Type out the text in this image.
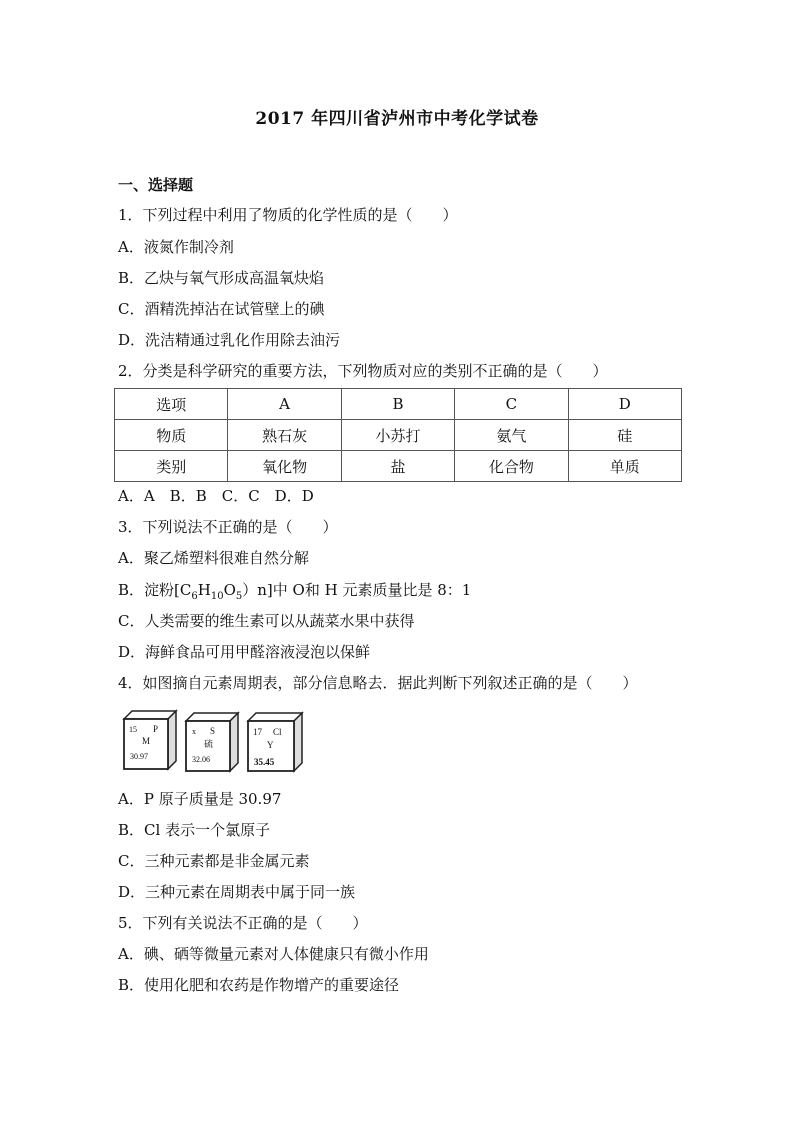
2017 年四川省泸州市中考化学试卷
一、选择题
1．下列过程中利用了物质的化学性质的是（　　）
A．液氮作制冷剂
B．乙炔与氧气形成高温氧炔焰
C．酒精洗掉沾在试管壁上的碘
D．洗洁精通过乳化作用除去油污
2．分类是科学研究的重要方法，下列物质对应的类别不正确的是（　　）
选项	A	B	C	D
物质	熟石灰	小苏打	氨气	硅
类别	氧化物	盐	化合物	单质
A．A　B．B　C．C　D．D
3．下列说法不正确的是（　　）
A．聚乙烯塑料很难自然分解
B．淀粉$[C_6H_{10}O_5)n$]中 O和 H 元素质量比是 8：1
C．人类需要的维生素可以从蔬菜水果中获得
D．海鲜食品可用甲醛溶液浸泡以保鲜
4．如图摘自元素周期表，部分信息略去．据此判断下列叙述正确的是（　　）
15 P
M
30.97
x S
硫
32.06
17 Cl
Y
35.45
A．P 原子质量是 30.97
B．Cl 表示一个氯原子
C．三种元素都是非金属元素
D．三种元素在周期表中属于同一族
5．下列有关说法不正确的是（　　）
A．碘、硒等微量元素对人体健康只有微小作用
B．使用化肥和农药是作物增产的重要途径
